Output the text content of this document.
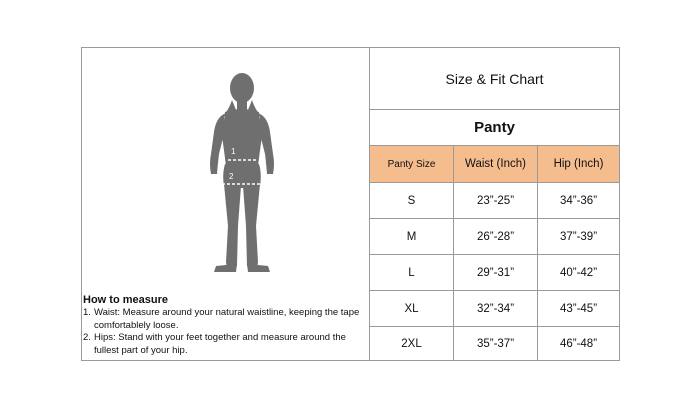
1
2
How to measure
1. Waist: Measure around your natural waistline, keeping the tape comfortablely loose.
2. Hips: Stand with your feet together and measure around the fullest part of your hip.
Size & Fit Chart
Panty
Panty Size	Waist (Inch)	Hip (Inch)
S	23”-25”	34”-36”
M	26”-28”	37”-39”
L	29”-31”	40”-42”
XL	32”-34”	43”-45”
2XL	35”-37”	46”-48”
